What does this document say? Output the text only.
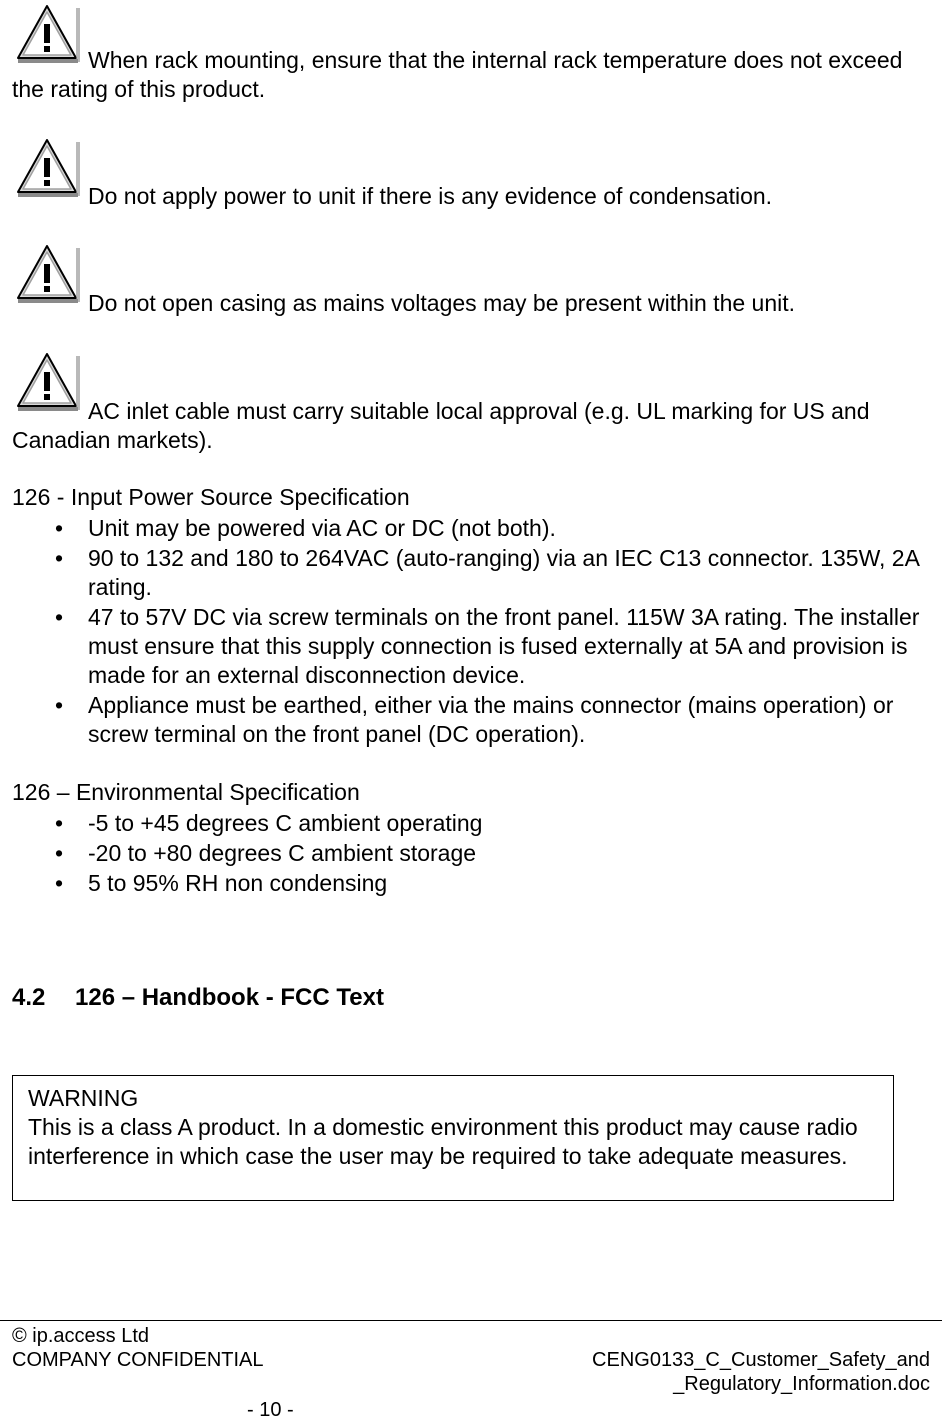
When rack mounting, ensure that the internal rack temperature does not exceed the rating of this product.
Do not apply power to unit if there is any evidence of condensation.
Do not open casing as mains voltages may be present within the unit.
AC inlet cable must carry suitable local approval (e.g. UL marking for US and Canadian markets).
126 - Input Power Source Specification
• Unit may be powered via AC or DC (not both).
• 90 to 132 and 180 to 264VAC (auto-ranging) via an IEC C13 connector. 135W, 2A rating.
• 47 to 57V DC via screw terminals on the front panel. 115W 3A rating. The installer must ensure that this supply connection is fused externally at 5A and provision is made for an external disconnection device.
• Appliance must be earthed, either via the mains connector (mains operation) or screw terminal on the front panel (DC operation).
126 – Environmental Specification
• -5 to +45 degrees C ambient operating
• -20 to +80 degrees C ambient storage
• 5 to 95% RH non condensing
4.2 126 – Handbook - FCC Text
WARNING
This is a class A product. In a domestic environment this product may cause radio interference in which case the user may be required to take adequate measures.
© ip.access Ltd
COMPANY CONFIDENTIAL	CENG0133_C_Customer_Safety_and
_Regulatory_Information.doc
- 10 -
